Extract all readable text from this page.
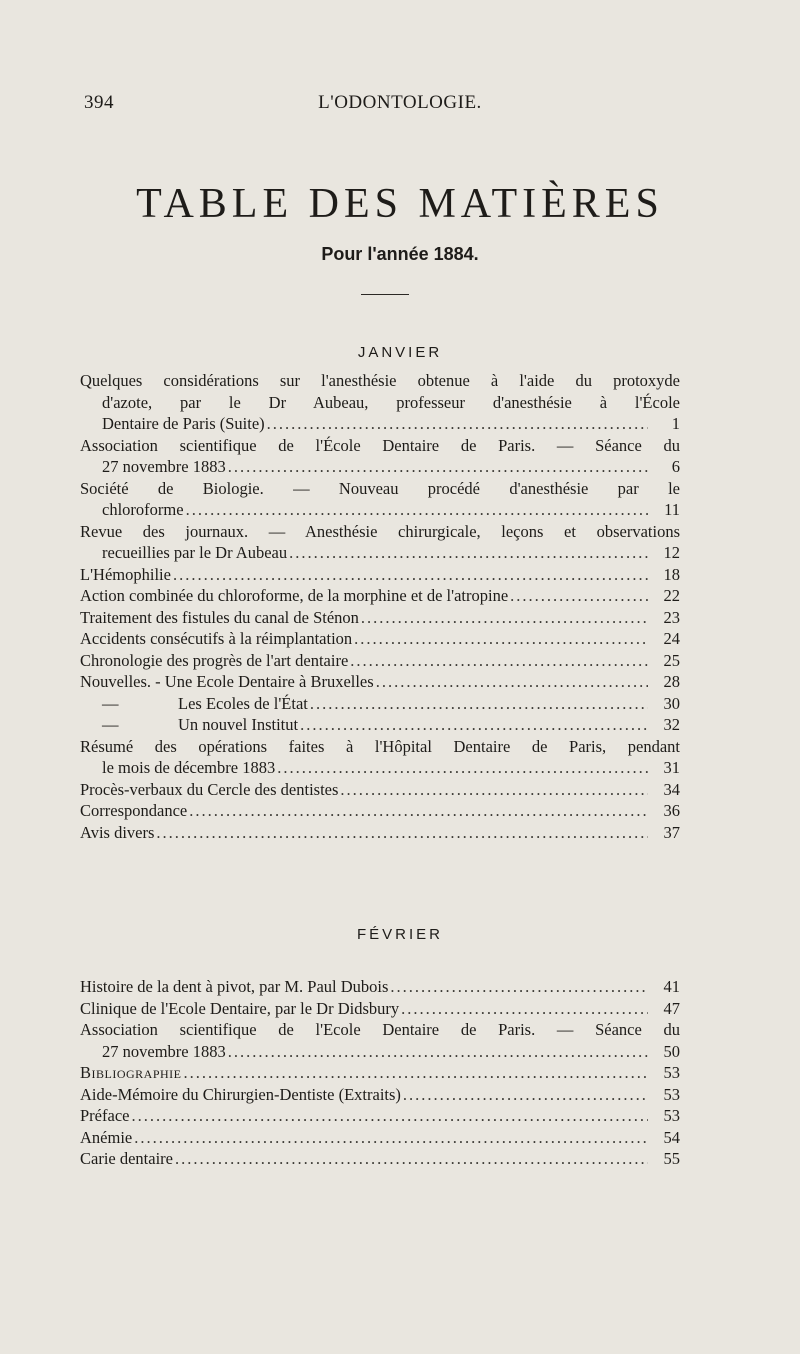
394	L'ODONTOLOGIE.
TABLE DES MATIÈRES
Pour l'année 1884.
JANVIER
Quelques considérations sur l'anesthésie obtenue à l'aide du protoxyde
d'azote, par le Dr Aubeau, professeur d'anesthésie à l'École
Dentaire de Paris (Suite) .....	1
Association scientifique de l'École Dentaire de Paris. — Séance du
27 novembre 1883 .....	6
Société de Biologie. — Nouveau procédé d'anesthésie par le
chloroforme .....	11
Revue des journaux. — Anesthésie chirurgicale, leçons et observations
recueillies par le Dr Aubeau .....	12
L'Hémophilie .....	18
Action combinée du chloroforme, de la morphine et de l'atropine .....	22
Traitement des fistules du canal de Sténon .....	23
Accidents consécutifs à la réimplantation .....	24
Chronologie des progrès de l'art dentaire .....	25
Nouvelles. - Une Ecole Dentaire à Bruxelles .....	28
—	Les Ecoles de l'État .....	30
—	Un nouvel Institut .....	32
Résumé des opérations faites à l'Hôpital Dentaire de Paris, pendant
le mois de décembre 1883 .....	31
Procès-verbaux du Cercle des dentistes .....	34
Correspondance .....	36
Avis divers .....	37
FÉVRIER
Histoire de la dent à pivot, par M. Paul Dubois .....	41
Clinique de l'Ecole Dentaire, par le Dr Didsbury .....	47
Association scientifique de l'Ecole Dentaire de Paris. — Séance du
27 novembre 1883 .....	50
Bibliographie .....	53
Aide-Mémoire du Chirurgien-Dentiste (Extraits) .....	53
Préface .....	53
Anémie .....	54
Carie dentaire .....	55
